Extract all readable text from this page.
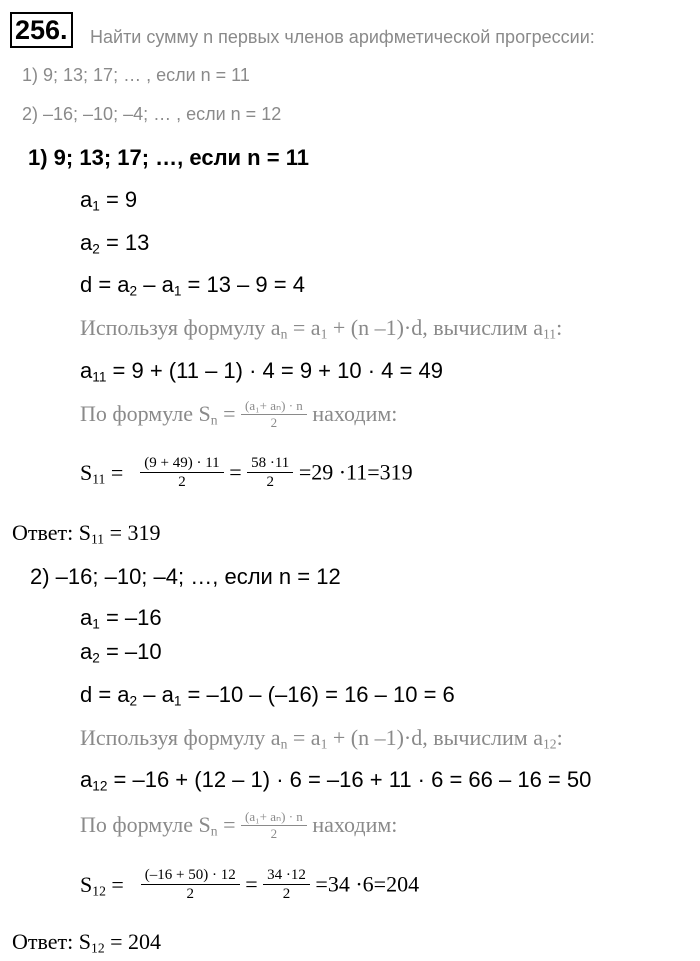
256. Найти сумму n первых членов арифметической прогрессии:
1) 9; 13; 17; … , если n = 11
2) –16; –10; –4; … , если n = 12
1) 9; 13; 17; …, если n = 11
$a_1 = 9$
$a_2 = 13$
$d = a_2 - a_1 = 13 - 9 = 4$
Используя формулу $a_n = a_1 + (n$ –1)·d, вычислим $a_{11}$:
$a_{11} = 9 + (11 - 1) \cdot 4 = 9 + 10 \cdot 4 = 49$
По формуле $S_n = \frac{\text{(a₁+ aₙ) · n}}{2}$ находим:
$S_{11} = \frac{(9 + 49) \cdot 11}{2} = \frac{58 \cdot 11}{2} =29 \cdot 11=319$
Ответ: $S_{11} = 319$
2) –16; –10; –4; …, если n = 12
$a_1 = -16$
$a_2 = -10$
$d = a_2 - a_1 = -10 - (-16) = 16 - 10 = 6$
Используя формулу $a_n = a_1 + (n$ –1)·d, вычислим $a_{12}$:
$a_{12} = -16 + (12 - 1) \cdot 6 = -16 + 11 \cdot 6 = 66 - 16 = 50$
По формуле $S_n = \frac{\text{(a₁+ aₙ) · n}}{2}$ находим:
$S_{12} = \frac{(-16 + 50) \cdot 12}{2} = \frac{34 \cdot 12}{2} =34 \cdot 6=204$
Ответ: $S_{12} = 204$
